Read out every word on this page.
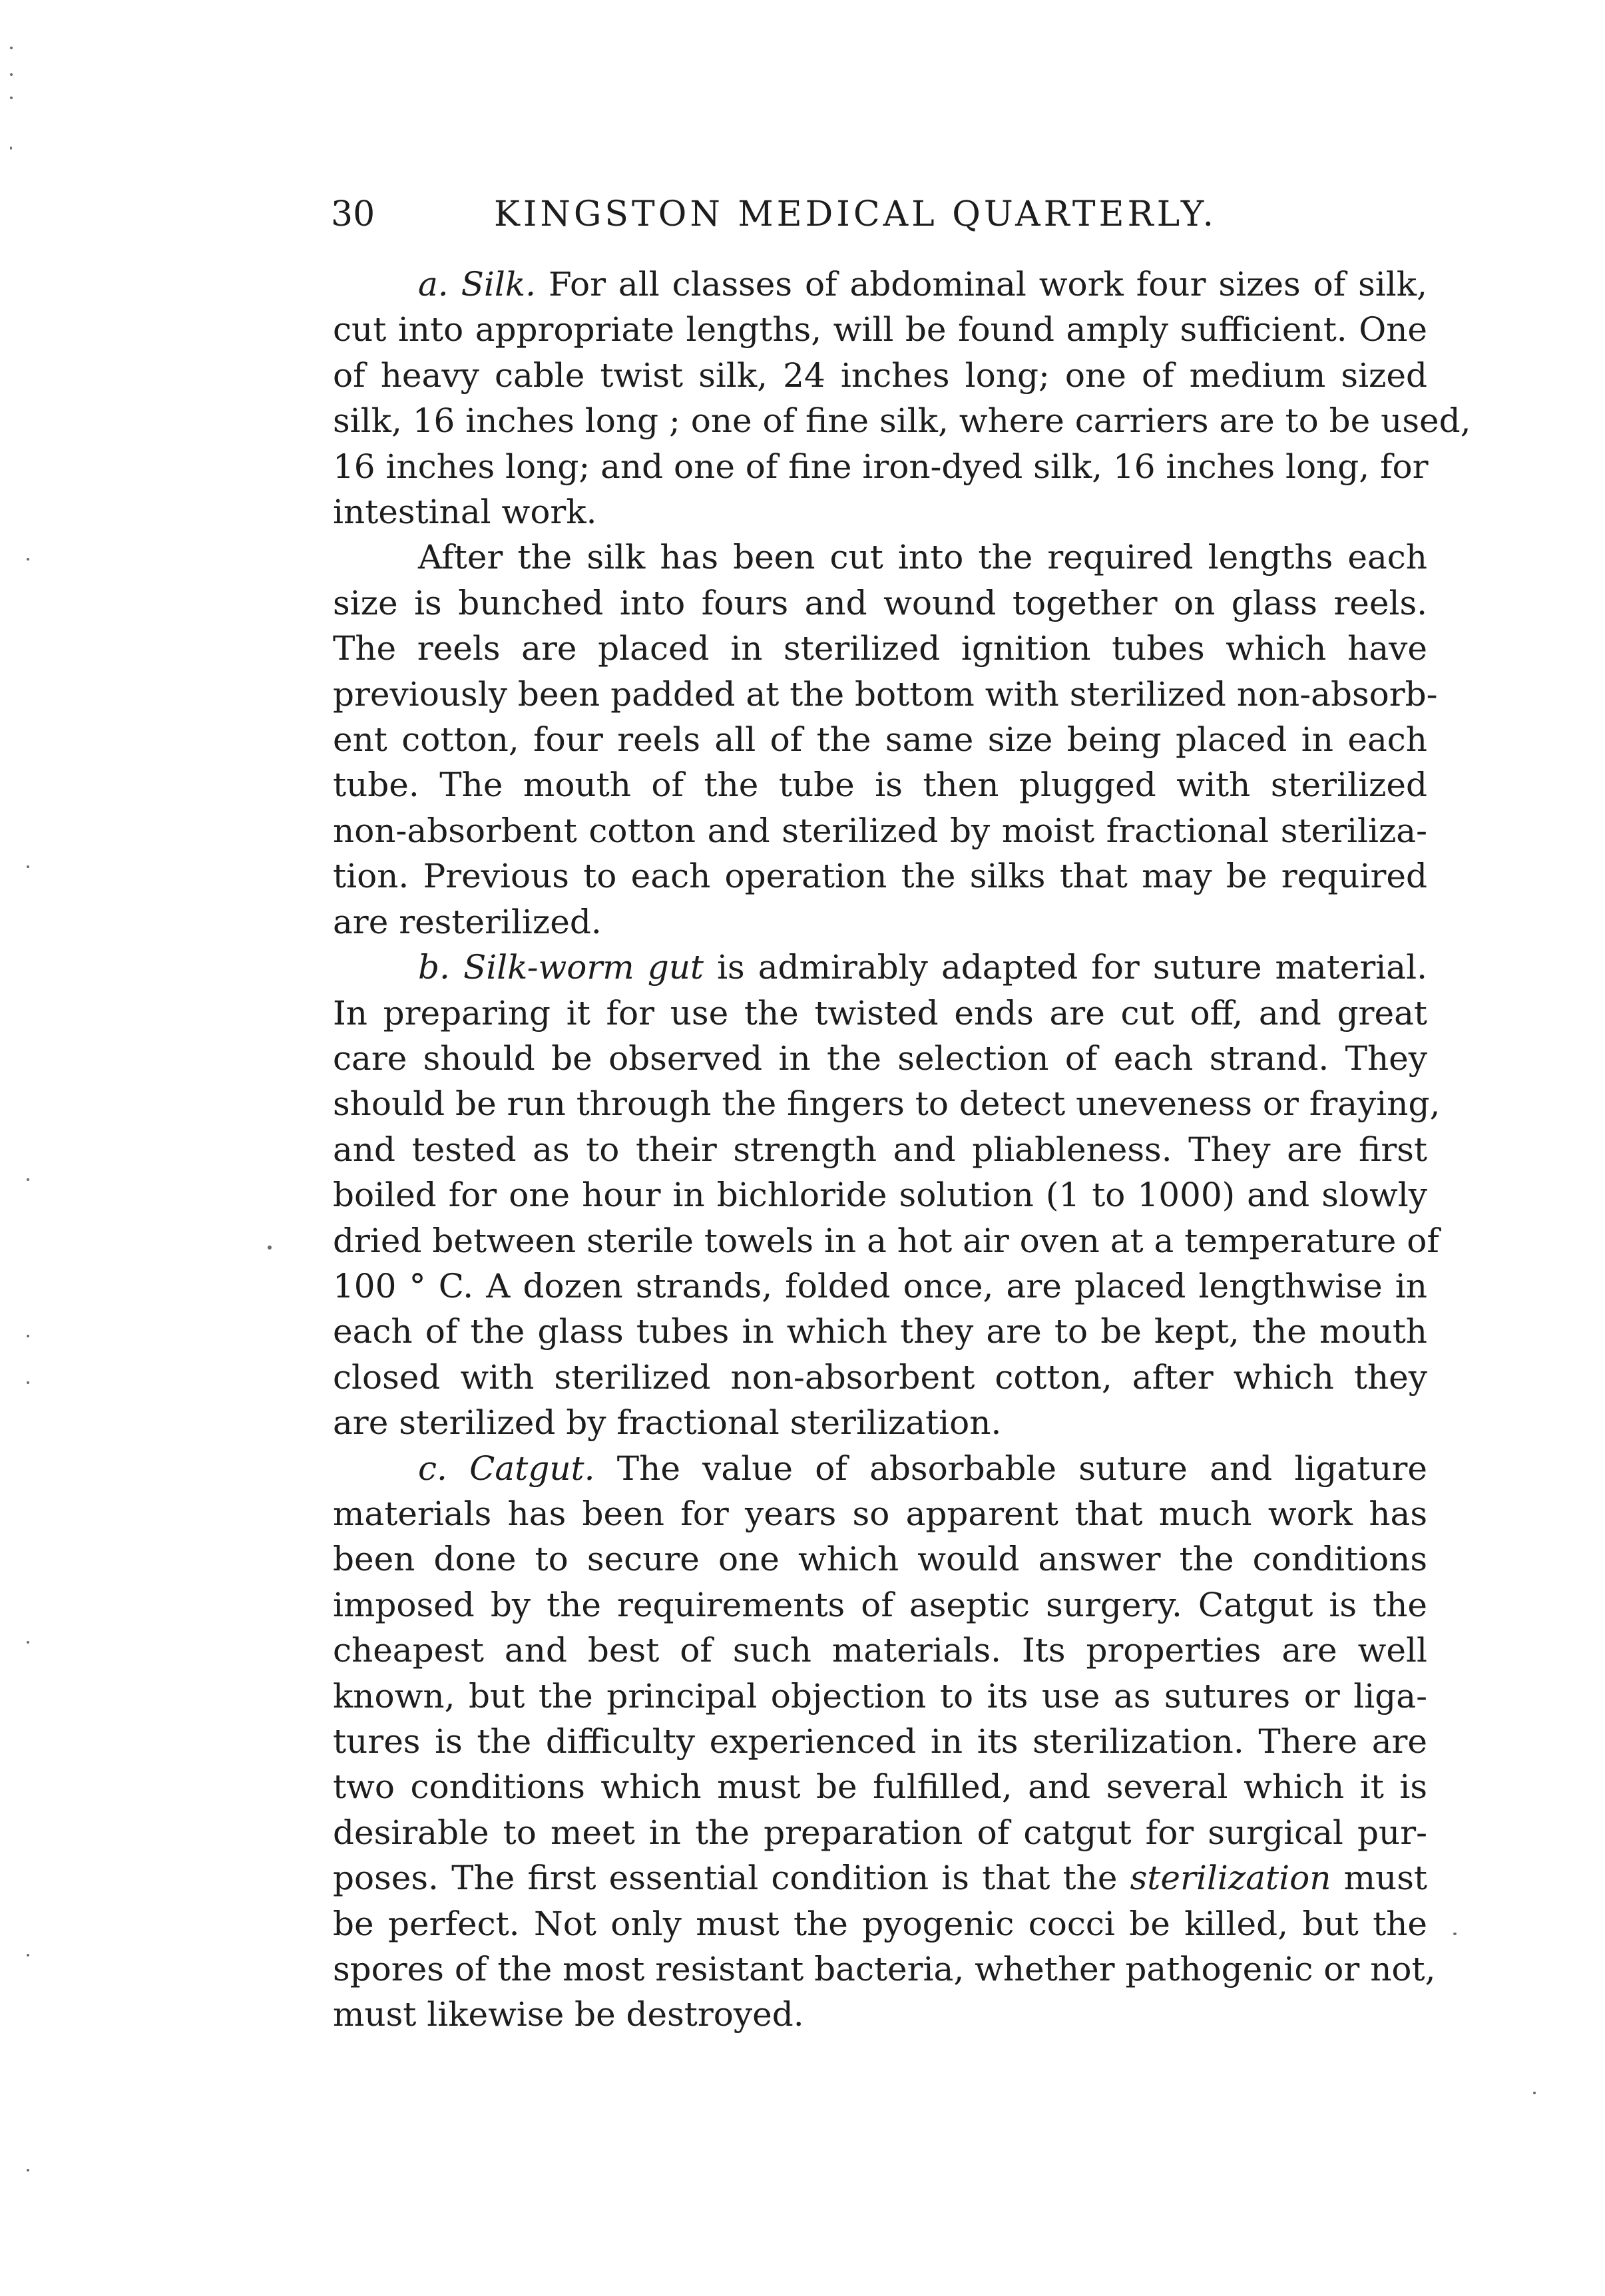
30	KINGSTON MEDICAL QUARTERLY.
a. Silk. For all classes of abdominal work four sizes of silk,
cut into appropriate lengths, will be found amply sufficient. One
of heavy cable twist silk, 24 inches long; one of medium sized
silk, 16 inches long ; one of fine silk, where carriers are to be used,
16 inches long; and one of fine iron-dyed silk, 16 inches long, for
intestinal work.
After the silk has been cut into the required lengths each
size is bunched into fours and wound together on glass reels.
The reels are placed in sterilized ignition tubes which have
previously been padded at the bottom with sterilized non-absorb-
ent cotton, four reels all of the same size being placed in each
tube. The mouth of the tube is then plugged with sterilized
non-absorbent cotton and sterilized by moist fractional steriliza-
tion. Previous to each operation the silks that may be required
are resterilized.
b. Silk-worm gut is admirably adapted for suture material.
In preparing it for use the twisted ends are cut off, and great
care should be observed in the selection of each strand. They
should be run through the fingers to detect uneveness or fraying,
and tested as to their strength and pliableness. They are first
boiled for one hour in bichloride solution (1 to 1000) and slowly
dried between sterile towels in a hot air oven at a temperature of
100 ° C. A dozen strands, folded once, are placed lengthwise in
each of the glass tubes in which they are to be kept, the mouth
closed with sterilized non-absorbent cotton, after which they
are sterilized by fractional sterilization.
c. Catgut. The value of absorbable suture and ligature
materials has been for years so apparent that much work has
been done to secure one which would answer the conditions
imposed by the requirements of aseptic surgery. Catgut is the
cheapest and best of such materials. Its properties are well
known, but the principal objection to its use as sutures or liga-
tures is the difficulty experienced in its sterilization. There are
two conditions which must be fulfilled, and several which it is
desirable to meet in the preparation of catgut for surgical pur-
poses. The first essential condition is that the sterilization must
be perfect. Not only must the pyogenic cocci be killed, but the
spores of the most resistant bacteria, whether pathogenic or not,
must likewise be destroyed.
